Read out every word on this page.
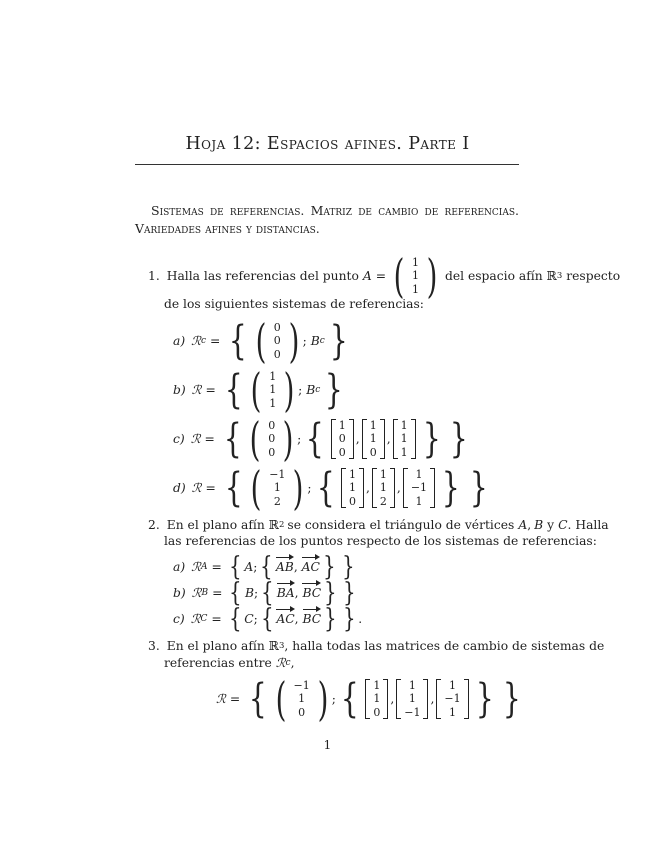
Hoja 12: Espacios afines. Parte I
Sistemas de referencias. Matriz de cambio de referencias.
Variedades afines y distancias.
1. Halla las referencias del punto A = ( 1
1
1 ) del espacio afín ℝ 3 respecto
de los siguientes sistemas de referencias:
a) ℛ c = { ( 0
0
0 ) ; B c }
b) ℛ = { ( 1
1
1 ) ; B c }
c) ℛ = { ( 0
0
0 ) ; { 1
0
0
,
1
1
0
,
1
1
1 } }
d) ℛ = { ( −1
1
2 ) ; { 1
1
0
,
1
1
2
,
1
−1
1 } }
2. En el plano afín ℝ 2 se considera el triángulo de vértices A , B y C . Halla
las referencias de los puntos respecto de los sistemas de referencias:
a) ℛ A = { A ; { AB , AC } }
b) ℛ B = { B ; { BA , BC } }
c) ℛ C = { C ; { AC , BC } } .
3. En el plano afín ℝ 3 , halla todas las matrices de cambio de sistemas de
referencias entre ℛ c ,
ℛ = { ( −1
1
0 ) ; { 1
1
0
,
1
1
−1
,
1
−1
1 } }
1
